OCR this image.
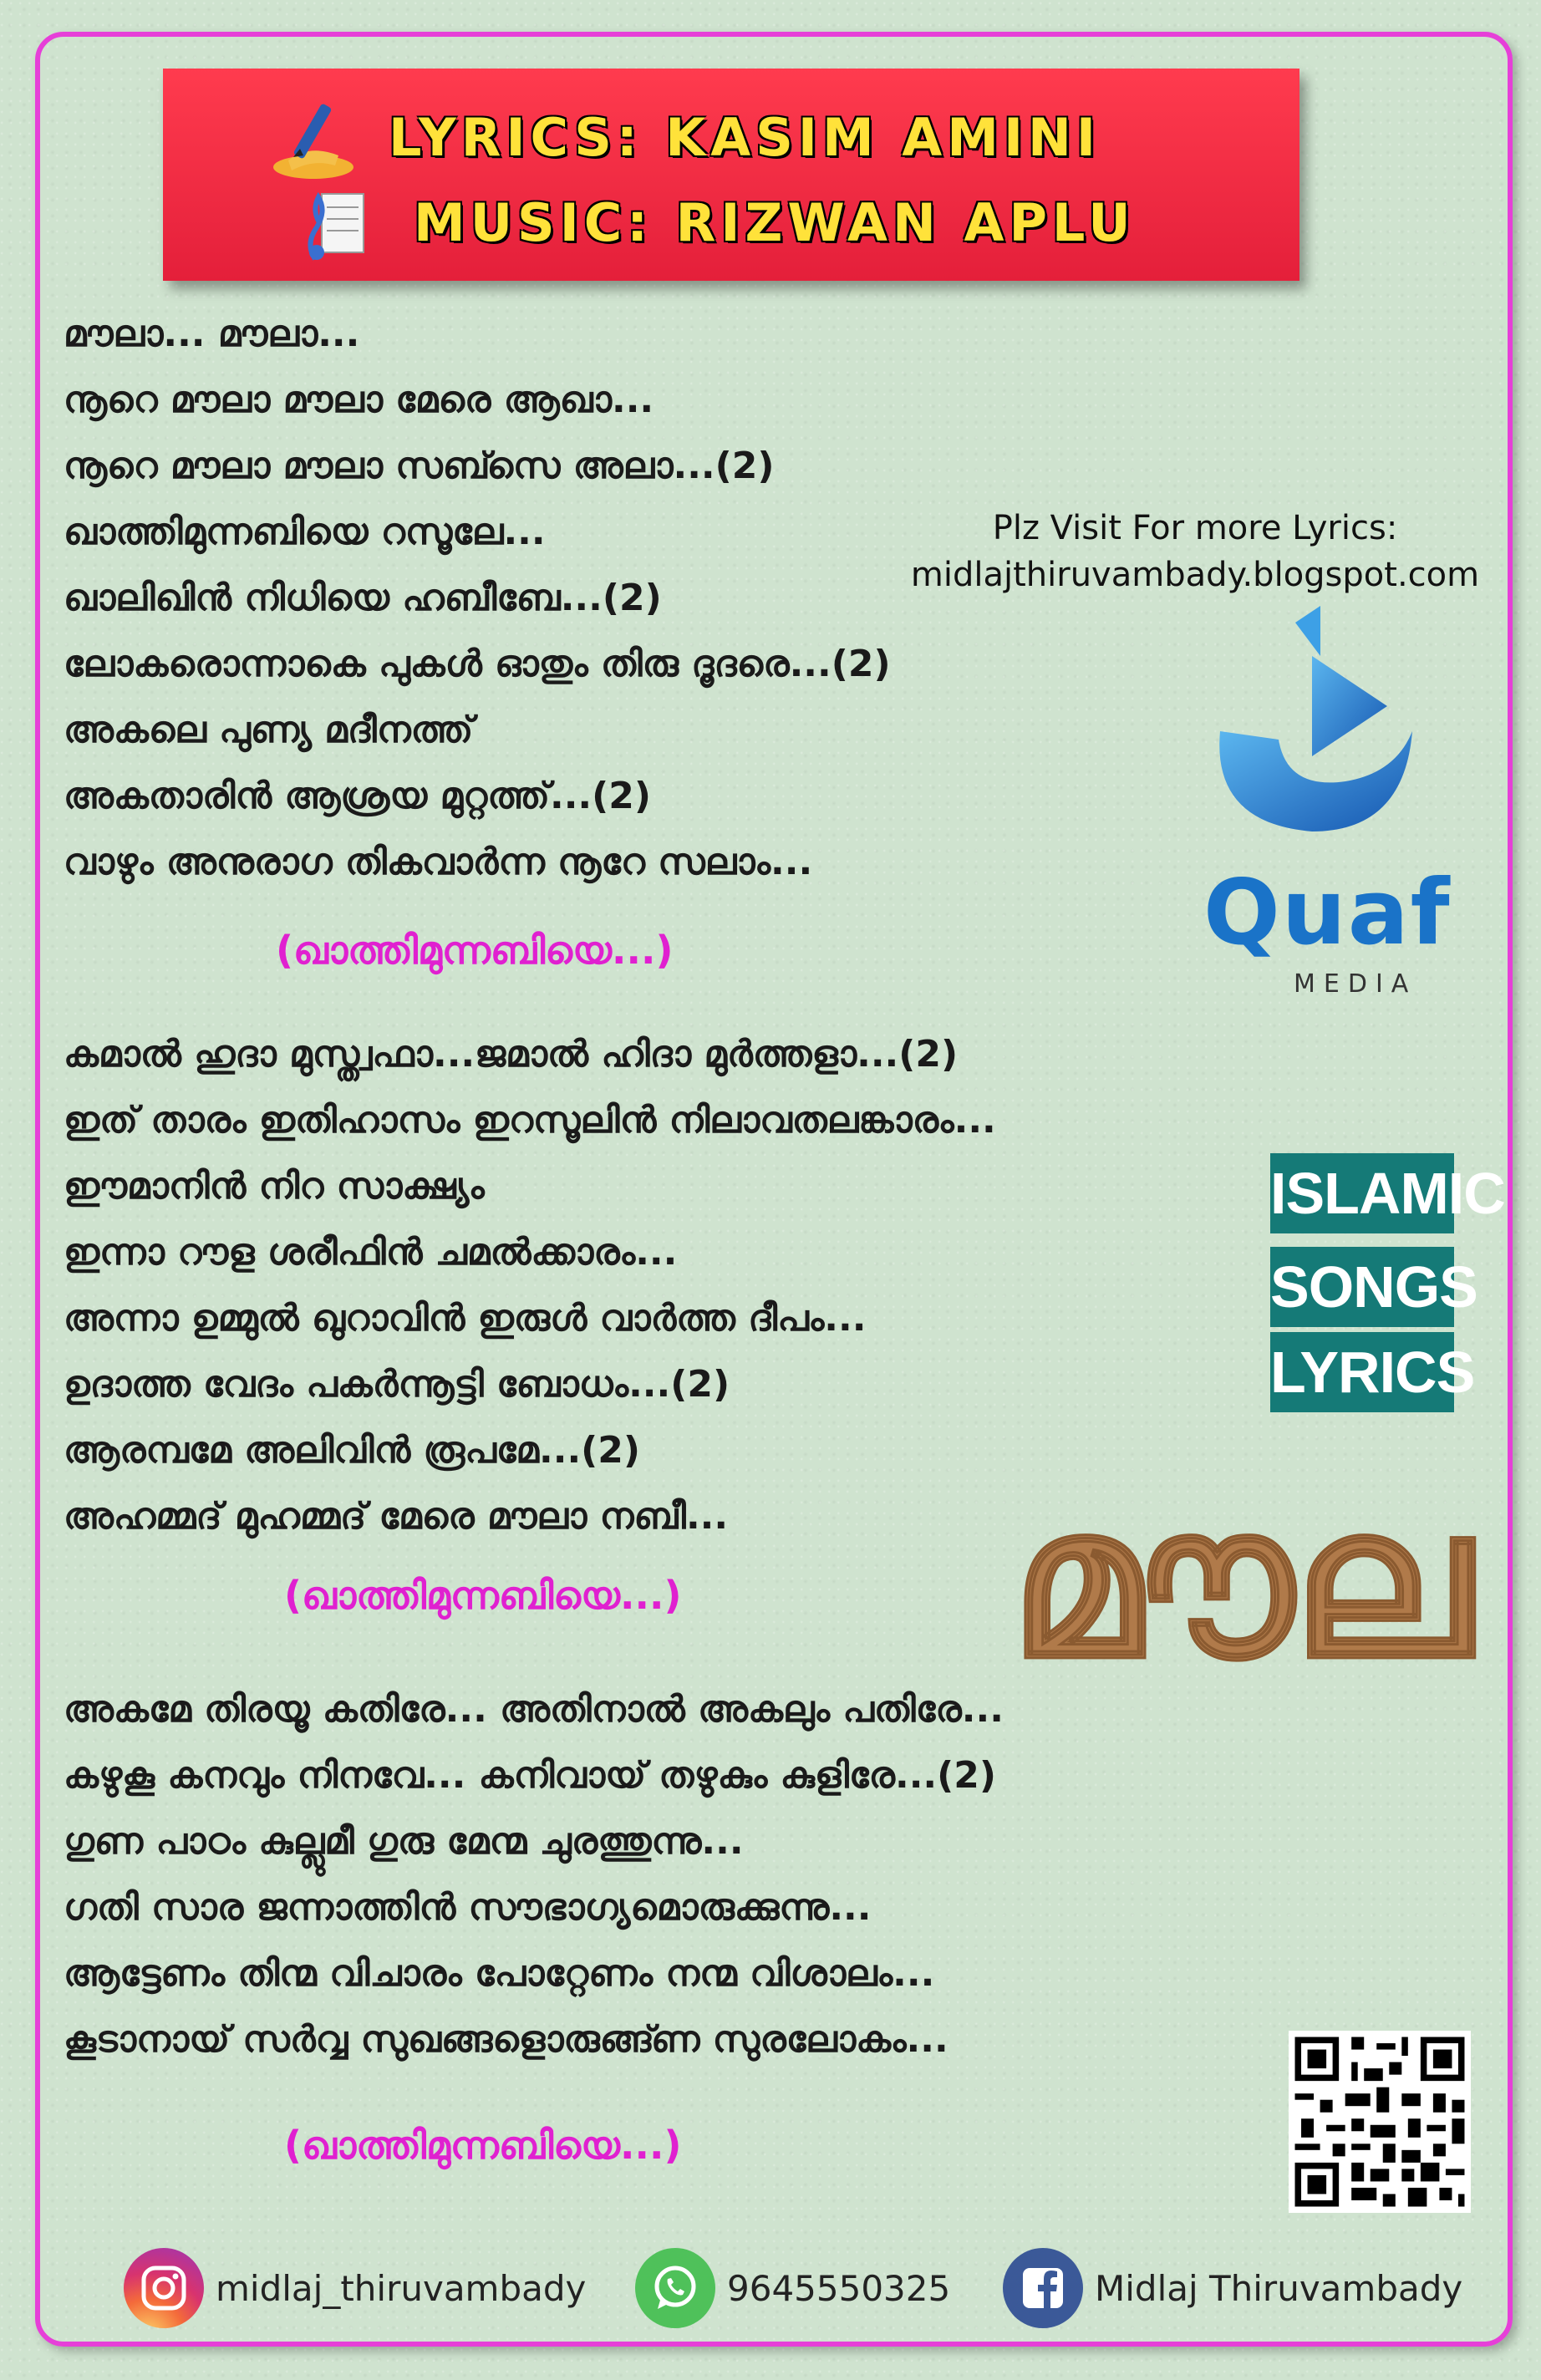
LYRICS: KASIM AMINI
MUSIC: RIZWAN APLU
മൗലാ... മൗലാ...
നൂറെ മൗലാ മൗലാ മേരെ ആഖാ...
നൂറെ മൗലാ മൗലാ സബ്സെ അലാ...(2)
ഖാത്തിമുന്നബിയെ റസൂലേ...
ഖാലിഖിൻ നിധിയെ ഹബീബേ...(2)
ലോകരൊന്നാകെ പുകൾ ഓതും തിരു ദൂദരെ...(2)
അകലെ പുണ്യ മദീനത്ത്
അകതാരിൻ ആശ്രയ മുറ്റത്ത്...(2)
വാഴും അനുരാഗ തികവാർന്ന നൂറേ സലാം...
(ഖാത്തിമുന്നബിയെ...)
കമാൽ ഹുദാ മുസ്ത്വഫാ...ജമാൽ ഹിദാ മുർത്തളാ...(2)
ഇത് താരം ഇതിഹാസം ഇറസൂലിൻ നിലാവതലങ്കാരം...
ഈമാനിൻ നിറ സാക്ഷ്യം
ഇന്നാ റൗള ശരീഫിൻ ചമൽക്കാരം...
അന്നാ ഉമ്മുൽ ഖുറാവിൻ ഇരുൾ വാർത്ത ദീപം...
ഉദാത്ത വേദം പകർന്നൂട്ടി ബോധം...(2)
ആരമ്പമേ അലിവിൻ രൂപമേ...(2)
അഹമ്മദ് മുഹമ്മദ് മേരെ മൗലാ നബീ...
(ഖാത്തിമുന്നബിയെ...)
അകമേ തിരയൂ കതിരേ... അതിനാൽ അകലും പതിരേ...
കഴുകൂ കനവും നിനവേ... കനിവായ് തഴുകും കുളിരേ...(2)
ഗുണ പാഠം കുല്ലുമീ ഗുരു മേന്മ ചുരത്തുന്നു...
ഗതി സാര ജന്നാത്തിൻ സൗഭാഗ്യമൊരുക്കുന്നു...
ആട്ടേണം തിന്മ വിചാരം പോറ്റേണം നന്മ വിശാലം...
കൂടാനായ് സർവ്വ സുഖങ്ങളൊരുങ്ങ്ണ സുരലോകം...
(ഖാത്തിമുന്നബിയെ...)
Plz Visit For more Lyrics:
midlajthiruvambady.blogspot.com
Quaf
MEDIA
ISLAMIC
SONGS
LYRICS
മൗല
midlaj_thiruvambady	9645550325	Midlaj Thiruvambady
